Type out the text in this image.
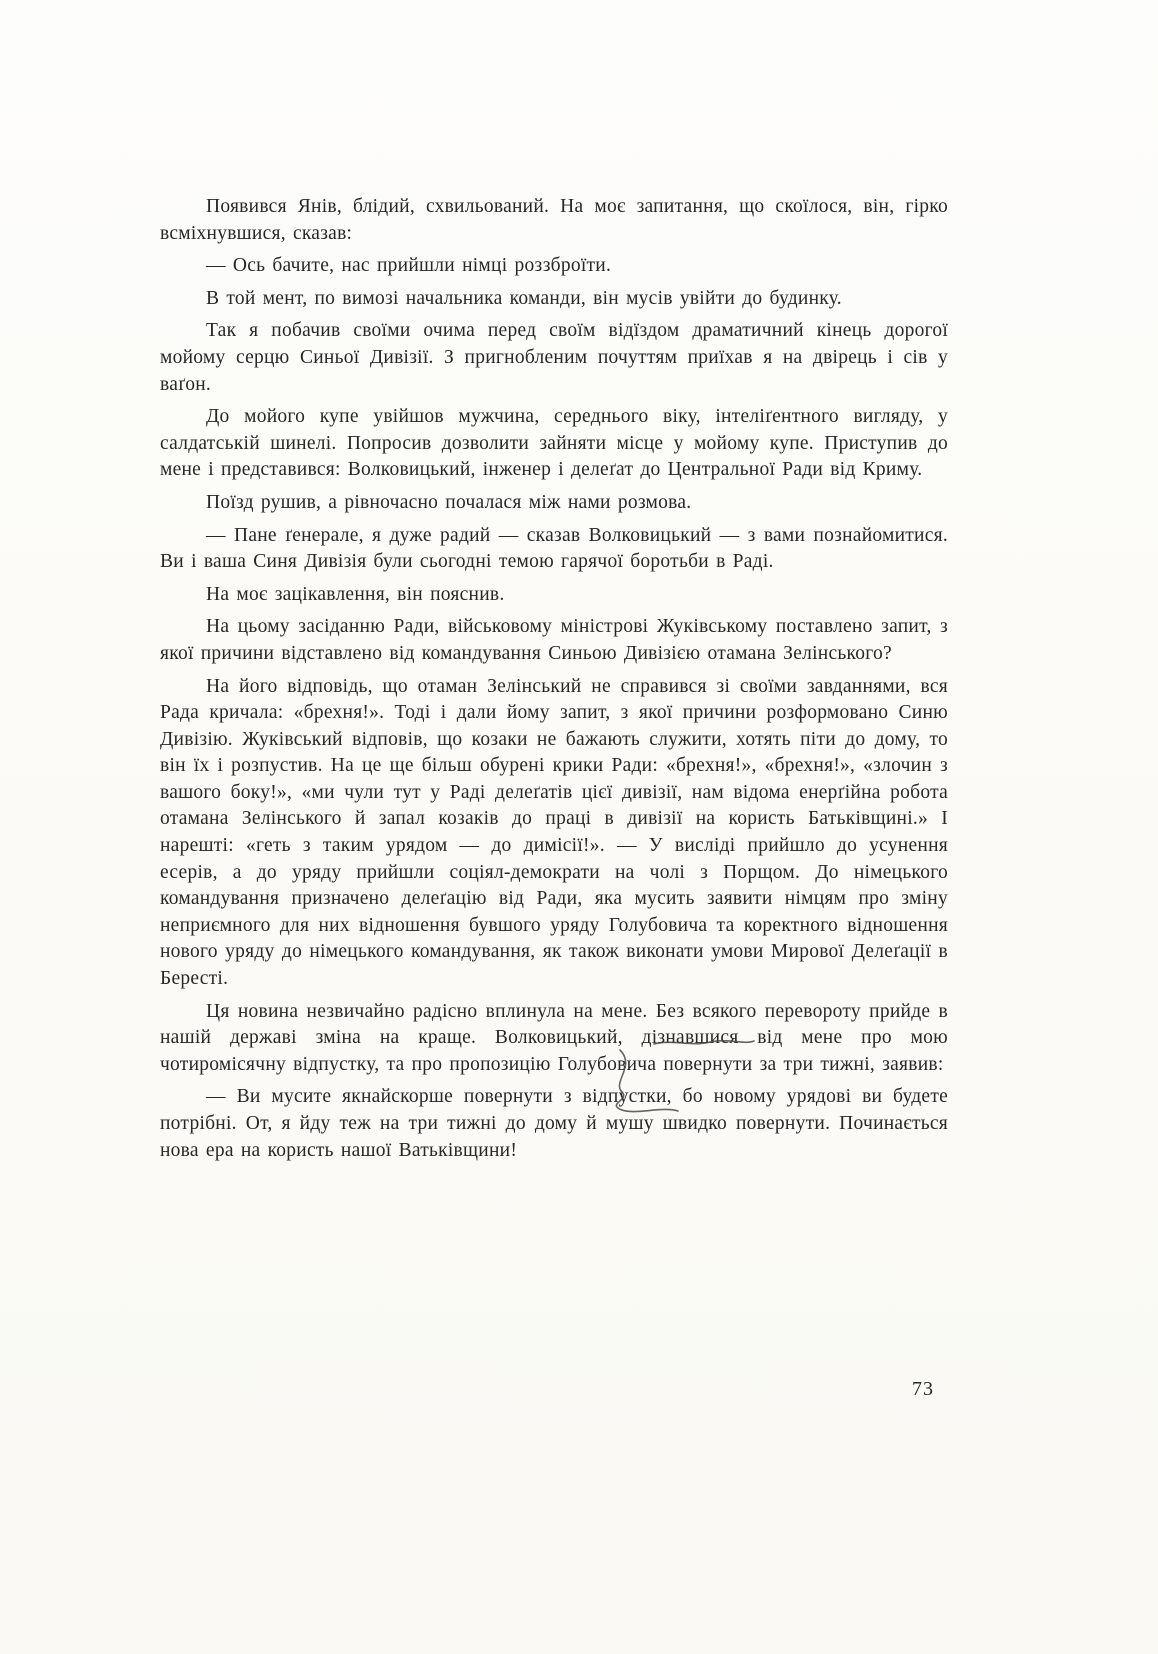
Появився Янів, блідий, схвильований. На моє запитання, що скоїлося, він, гірко всміхнувшися, сказав:

— Ось бачите, нас прийшли німці роззброїти.

В той мент, по вимозі начальника команди, він мусів увійти до будинку.

Так я побачив своїми очима перед своїм відїздом драматичний кінець дорогої мойому серцю Синьої Дивізії. З пригнобленим почуттям приїхав я на двірець і сів у ваґон.

До мойого купе увійшов мужчина, середнього віку, інтеліґентного вигляду, у салдатській шинелі. Попросив дозволити зайняти місце у мойому купе. Приступив до мене і представився: Волковицький, інженер і делеґат до Центральної Ради від Криму.

Поїзд рушив, а рівночасно почалася між нами розмова.

— Пане ґенерале, я дуже радий — сказав Волковицький — з вами познайомитися. Ви і ваша Синя Дивізія були сьогодні темою гарячої боротьби в Раді.

На моє зацікавлення, він пояснив.

На цьому засіданню Ради, військовому міністрові Жуківському поставлено запит, з якої причини відставлено від командування Синьою Дивізією отамана Зелінського?

На його відповідь, що отаман Зелінський не справився зі своїми завданнями, вся Рада кричала: «брехня!». Тоді і дали йому запит, з якої причини розформовано Синю Дивізію. Жуківський відповів, що козаки не бажають служити, хотять піти до дому, то він їх і розпустив. На це ще більш обурені крики Ради: «брехня!», «брехня!», «злочин з вашого боку!», «ми чули тут у Раді делеґатів цієї дивізії, нам відома енерґійна робота отамана Зелінського й запал козаків до праці в дивізії на користь Батьківщині.» І нарешті: «геть з таким урядом — до димісії!». — У висліді прийшло до усунення есерів, а до уряду прийшли соціял-демократи на чолі з Порщом. До німецького командування призначено делеґацію від Ради, яка мусить заявити німцям про зміну неприємного для них відношення бувшого уряду Голубовича та коректного відношення нового уряду до німецького командування, як також виконати умови Мирової Делеґації в Бересті.

Ця новина незвичайно радісно вплинула на мене. Без всякого перевороту прийде в нашій державі зміна на краще. Волковицький, дізнавшися від мене про мою чотиромісячну відпустку, та про пропозицію Голубовича повернути за три тижні, заявив:

— Ви мусите якнайскорше повернути з відпустки, бо новому урядові ви будете потрібні. От, я йду теж на три тижні до дому й мушу швидко повернути. Починається нова ера на користь нашої Ватьківщини!

73
